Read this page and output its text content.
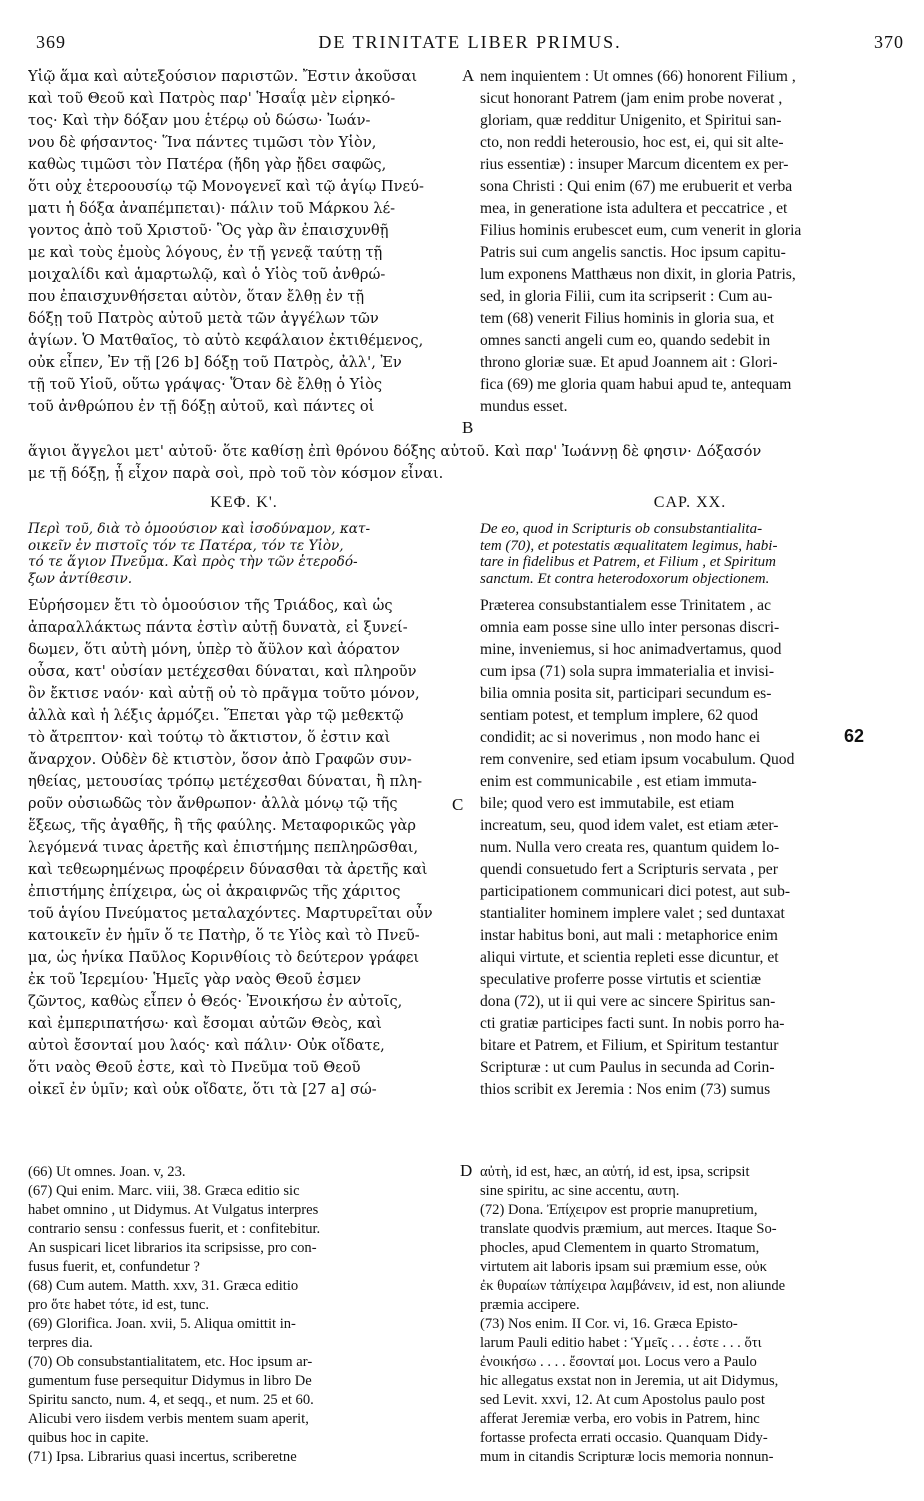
369	DE TRINITATE LIBER PRIMUS.	370
Υἱῷ ἅμα καὶ αὐτεξούσιον παριστῶν. Ἔστιν ἀκοῦσαι
καὶ τοῦ Θεοῦ καὶ Πατρὸς παρ' Ἡσαΐᾳ μὲν εἰρηκό-
τος· Καὶ τὴν δόξαν μου ἑτέρῳ οὐ δώσω· Ἰωάν-
νου δὲ φήσαντος· Ἵνα πάντες τιμῶσι τὸν Υἱὸν,
καθὼς τιμῶσι τὸν Πατέρα (ἤδη γὰρ ᾔδει σαφῶς,
ὅτι οὐχ ἑτεροουσίῳ τῷ Μονογενεῖ καὶ τῷ ἁγίῳ Πνεύ-
ματι ἡ δόξα ἀναπέμπεται)· πάλιν τοῦ Μάρκου λέ-
γοντος ἀπὸ τοῦ Χριστοῦ· Ὃς γὰρ ἂν ἐπαισχυνθῇ
με καὶ τοὺς ἐμοὺς λόγους, ἐν τῇ γενεᾷ ταύτῃ τῇ
μοιχαλίδι καὶ ἁμαρτωλῷ, καὶ ὁ Υἱὸς τοῦ ἀνθρώ-
που ἐπαισχυνθήσεται αὐτὸν, ὅταν ἔλθῃ ἐν τῇ
δόξῃ τοῦ Πατρὸς αὐτοῦ μετὰ τῶν ἀγγέλων τῶν
ἁγίων. Ὁ Ματθαῖος, τὸ αὐτὸ κεφάλαιον ἐκτιθέμενος,
οὐκ εἶπεν, Ἐν τῇ [26 b] δόξῃ τοῦ Πατρὸς, ἀλλ', Ἐν
τῇ τοῦ Υἱοῦ, οὕτω γράψας· Ὅταν δὲ ἔλθῃ ὁ Υἱὸς
τοῦ ἀνθρώπου ἐν τῇ δόξῃ αὐτοῦ, καὶ πάντες οἱ
nem inquientem : Ut omnes (66) honorent Filium ,
sicut honorant Patrem (jam enim probe noverat ,
gloriam, quæ redditur Unigenito, et Spiritui san-
cto, non reddi heterousio, hoc est, ei, qui sit alte-
rius essentiæ) : insuper Marcum dicentem ex per-
sona Christi : Qui enim (67) me erubuerit et verba
mea, in generatione ista adultera et peccatrice , et
Filius hominis erubescet eum, cum venerit in gloria
Patris sui cum angelis sanctis. Hoc ipsum capitu-
lum exponens Matthæus non dixit, in gloria Patris,
sed, in gloria Filii, cum ita scripserit : Cum au-
tem (68) venerit Filius hominis in gloria sua, et
omnes sancti angeli cum eo, quando sedebit in
throno gloriæ suæ. Et apud Joannem ait : Glori-
fica (69) me gloria quam habui apud te, antequam
mundus esset.
A
B
ἅγιοι ἄγγελοι μετ' αὐτοῦ· ὅτε καθίσῃ ἐπὶ θρόνου δόξης αὐτοῦ. Καὶ παρ' Ἰωάννῃ δὲ φησιν· Δόξασόν
με τῇ δόξῃ, ᾗ εἶχον παρὰ σοὶ, πρὸ τοῦ τὸν κόσμον εἶναι.
ΚΕΦ. Κ'.	CAP. XX.
Περὶ τοῦ, διὰ τὸ ὁμοούσιον καὶ ἰσοδύναμον, κατ-
οικεῖν ἐν πιστοῖς τόν τε Πατέρα, τόν τε Υἱὸν,
τό τε ἅγιον Πνεῦμα. Καὶ πρὸς τὴν τῶν ἑτεροδό-
ξων ἀντίθεσιν.
De eo, quod in Scripturis ob consubstantialita-
tem (70), et potestatis æqualitatem legimus, habi-
tare in fidelibus et Patrem, et Filium , et Spiritum
sanctum. Et contra heterodoxorum objectionem.
Εὑρήσομεν ἔτι τὸ ὁμοούσιον τῆς Τριάδος, καὶ ὡς
ἀπαραλλάκτως πάντα ἐστὶν αὐτῇ δυνατὰ, εἰ ξυνεί-
δωμεν, ὅτι αὐτὴ μόνη, ὑπὲρ τὸ ἄϋλον καὶ ἀόρατον
οὖσα, κατ' οὐσίαν μετέχεσθαι δύναται, καὶ πληροῦν
ὃν ἔκτισε ναόν· καὶ αὐτῇ οὐ τὸ πρᾶγμα τοῦτο μόνον,
ἀλλὰ καὶ ἡ λέξις ἁρμόζει. Ἕπεται γὰρ τῷ μεθεκτῷ
τὸ ἄτρεπτον· καὶ τούτῳ τὸ ἄκτιστον, ὅ ἐστιν καὶ
ἄναρχον. Οὐδὲν δὲ κτιστὸν, ὅσον ἀπὸ Γραφῶν συν-
ηθείας, μετουσίας τρόπῳ μετέχεσθαι δύναται, ἢ πλη-
ροῦν οὐσιωδῶς τὸν ἄνθρωπον· ἀλλὰ μόνῳ τῷ τῆς
ἕξεως, τῆς ἀγαθῆς, ἢ τῆς φαύλης. Μεταφορικῶς γὰρ
λεγόμενά τινας ἀρετῆς καὶ ἐπιστήμης πεπληρῶσθαι,
καὶ τεθεωρημένως προφέρειν δύνασθαι τὰ ἀρετῆς καὶ
ἐπιστήμης ἐπίχειρα, ὡς οἱ ἀκραιφνῶς τῆς χάριτος
τοῦ ἁγίου Πνεύματος μεταλαχόντες. Μαρτυρεῖται οὖν
κατοικεῖν ἐν ἡμῖν ὅ τε Πατὴρ, ὅ τε Υἱὸς καὶ τὸ Πνεῦ-
μα, ὡς ἡνίκα Παῦλος Κορινθίοις τὸ δεύτερον γράφει
ἐκ τοῦ Ἱερεμίου· Ἡμεῖς γὰρ ναὸς Θεοῦ ἐσμεν
ζῶντος, καθὼς εἶπεν ὁ Θεός· Ἐνοικήσω ἐν αὐτοῖς,
καὶ ἐμπεριπατήσω· καὶ ἔσομαι αὐτῶν Θεὸς, καὶ
αὐτοὶ ἔσονταί μου λαός· καὶ πάλιν· Οὐκ οἴδατε,
ὅτι ναὸς Θεοῦ ἐστε, καὶ τὸ Πνεῦμα τοῦ Θεοῦ
οἰκεῖ ἐν ὑμῖν; καὶ οὐκ οἴδατε, ὅτι τὰ [27 a] σώ-
Præterea consubstantialem esse Trinitatem , ac
omnia eam posse sine ullo inter personas discri-
mine, inveniemus, si hoc animadvertamus, quod
cum ipsa (71) sola supra immaterialia et invisi-
bilia omnia posita sit, participari secundum es-
sentiam potest, et templum implere, 62 quod
condidit; ac si noverimus , non modo hanc ei
rem convenire, sed etiam ipsum vocabulum. Quod
enim est communicabile , est etiam immuta-
bile; quod vero est immutabile, est etiam
increatum, seu, quod idem valet, est etiam æter-
num. Nulla vero creata res, quantum quidem lo-
quendi consuetudo fert a Scripturis servata , per
participationem communicari dici potest, aut sub-
stantialiter hominem implere valet ; sed duntaxat
instar habitus boni, aut mali : metaphorice enim
aliqui virtute, et scientia repleti esse dicuntur, et
speculative proferre posse virtutis et scientiæ
dona (72), ut ii qui vere ac sincere Spiritus san-
cti gratiæ participes facti sunt. In nobis porro ha-
bitare et Patrem, et Filium, et Spiritum testantur
Scripturæ : ut cum Paulus in secunda ad Corin-
thios scribit ex Jeremia : Nos enim (73) sumus
C
62
(66) Ut omnes. Joan. v, 23.
(67) Qui enim. Marc. viii, 38. Græca editio sic
habet omnino , ut Didymus. At Vulgatus interpres
contrario sensu : confessus fuerit, et : confitebitur.
An suspicari licet librarios ita scripsisse, pro con-
fusus fuerit, et, confundetur ?
(68) Cum autem. Matth. xxv, 31. Græca editio
pro ὅτε habet τότε, id est, tunc.
(69) Glorifica. Joan. xvii, 5. Aliqua omittit in-
terpres dia.
(70) Ob consubstantialitatem, etc. Hoc ipsum ar-
gumentum fuse persequitur Didymus in libro De
Spiritu sancto, num. 4, et seqq., et num. 25 et 60.
Alicubi vero iisdem verbis mentem suam aperit,
quibus hoc in capite.
(71) Ipsa. Librarius quasi incertus, scriberetne
αὐτὴ, id est, hæc, an αὐτή, id est, ipsa, scripsit
sine spiritu, ac sine accentu, αυτη.
(72) Dona. Ἐπίχειρον est proprie manupretium,
translate quodvis præmium, aut merces. Itaque So-
phocles, apud Clementem in quarto Stromatum,
virtutem ait laboris ipsam sui præmium esse, οὐκ
ἐκ θυραίων τἀπίχειρα λαμβάνειν, id est, non aliunde
præmia accipere.
(73) Nos enim. II Cor. vi, 16. Græca Episto-
larum Pauli editio habet : Ὑμεῖς . . . ἐστε . . . ὅτι
ἐνοικήσω . . . . ἔσονταί μοι. Locus vero a Paulo
hic allegatus exstat non in Jeremia, ut ait Didymus,
sed Levit. xxvi, 12. At cum Apostolus paulo post
afferat Jeremiæ verba, ero vobis in Patrem, hinc
fortasse profecta errati occasio. Quanquam Didy-
mum in citandis Scripturæ locis memoria nonnun-
D
